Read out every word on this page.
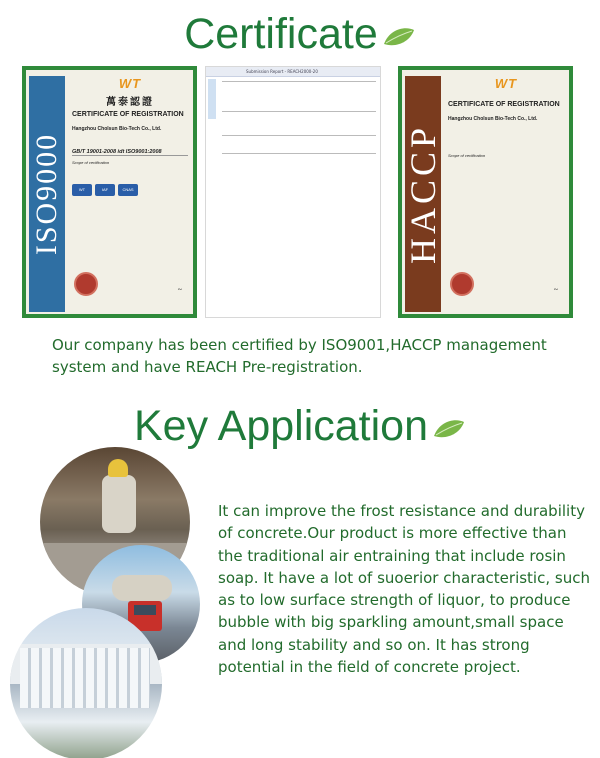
Certificate
ISO9000
WT
萬泰認證
CERTIFICATE OF REGISTRATION
Hangzhou Cholsun Bio-Tech Co., Ltd.
GB/T 19001-2008 idt ISO9001:2008
Scope of certification
WT	IAF	CNAS
~
Submission Report - REACH2000-20
HACCP
WT
CERTIFICATE OF REGISTRATION
Hangzhou Cholsun Bio-Tech Co., Ltd.
Scope of certification
~

Our company has been certified by ISO9001,HACCP management system and have REACH Pre-registration.

Key Application

It can improve the frost resistance and durability of concrete.Our product is more effective than the traditional air entraining that include rosin soap. It have a lot of suoerior characteristic, such as to low surface strength of liquor, to produce bubble with big sparkling amount,small space and long stability and so on. It has strong potential in the field of concrete project.
